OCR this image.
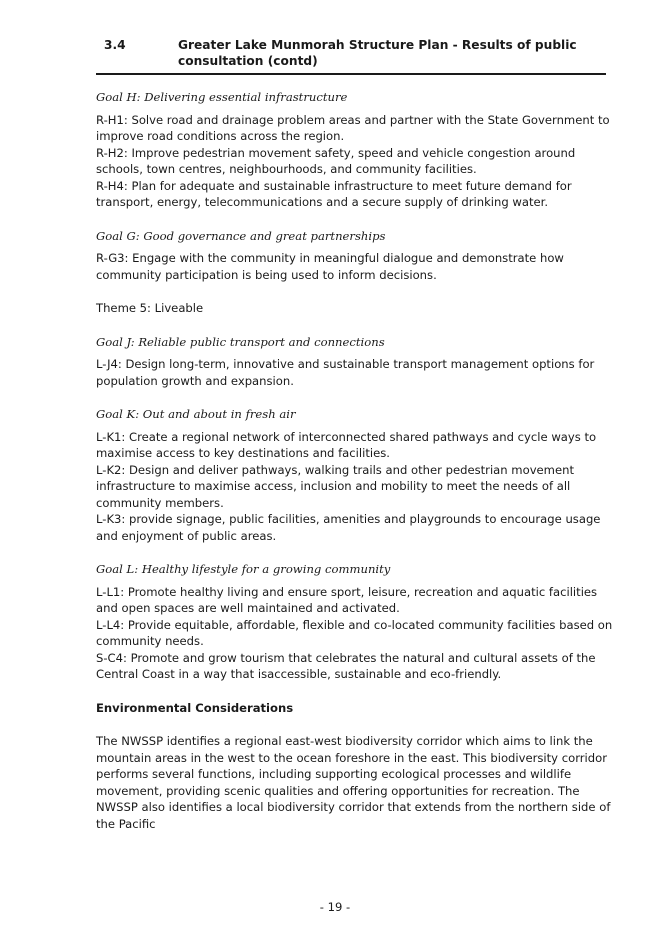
3.4	Greater Lake Munmorah Structure Plan - Results of public consultation (contd)

Goal H: Delivering essential infrastructure

R-H1: Solve road and drainage problem areas and partner with the State Government to improve road conditions across the region.

R-H2: Improve pedestrian movement safety, speed and vehicle congestion around schools, town centres, neighbourhoods, and community facilities.

R-H4: Plan for adequate and sustainable infrastructure to meet future demand for transport, energy, telecommunications and a secure supply of drinking water.

Goal G: Good governance and great partnerships

R-G3: Engage with the community in meaningful dialogue and demonstrate how community participation is being used to inform decisions.

Theme 5: Liveable

Goal J: Reliable public transport and connections

L-J4: Design long-term, innovative and sustainable transport management options for population growth and expansion.

Goal K: Out and about in fresh air

L-K1: Create a regional network of interconnected shared pathways and cycle ways to maximise access to key destinations and facilities.

L-K2: Design and deliver pathways, walking trails and other pedestrian movement infrastructure to maximise access, inclusion and mobility to meet the needs of all community members.

L-K3: provide signage, public facilities, amenities and playgrounds to encourage usage and enjoyment of public areas.

Goal L: Healthy lifestyle for a growing community

L-L1: Promote healthy living and ensure sport, leisure, recreation and aquatic facilities and open spaces are well maintained and activated.

L-L4: Provide equitable, affordable, flexible and co-located community facilities based on community needs.

S-C4: Promote and grow tourism that celebrates the natural and cultural assets of the Central Coast in a way that isaccessible, sustainable and eco-friendly.

Environmental Considerations

The NWSSP identifies a regional east-west biodiversity corridor which aims to link the mountain areas in the west to the ocean foreshore in the east. This biodiversity corridor performs several functions, including supporting ecological processes and wildlife movement, providing scenic qualities and offering opportunities for recreation. The NWSSP also identifies a local biodiversity corridor that extends from the northern side of the Pacific

- 19 -
